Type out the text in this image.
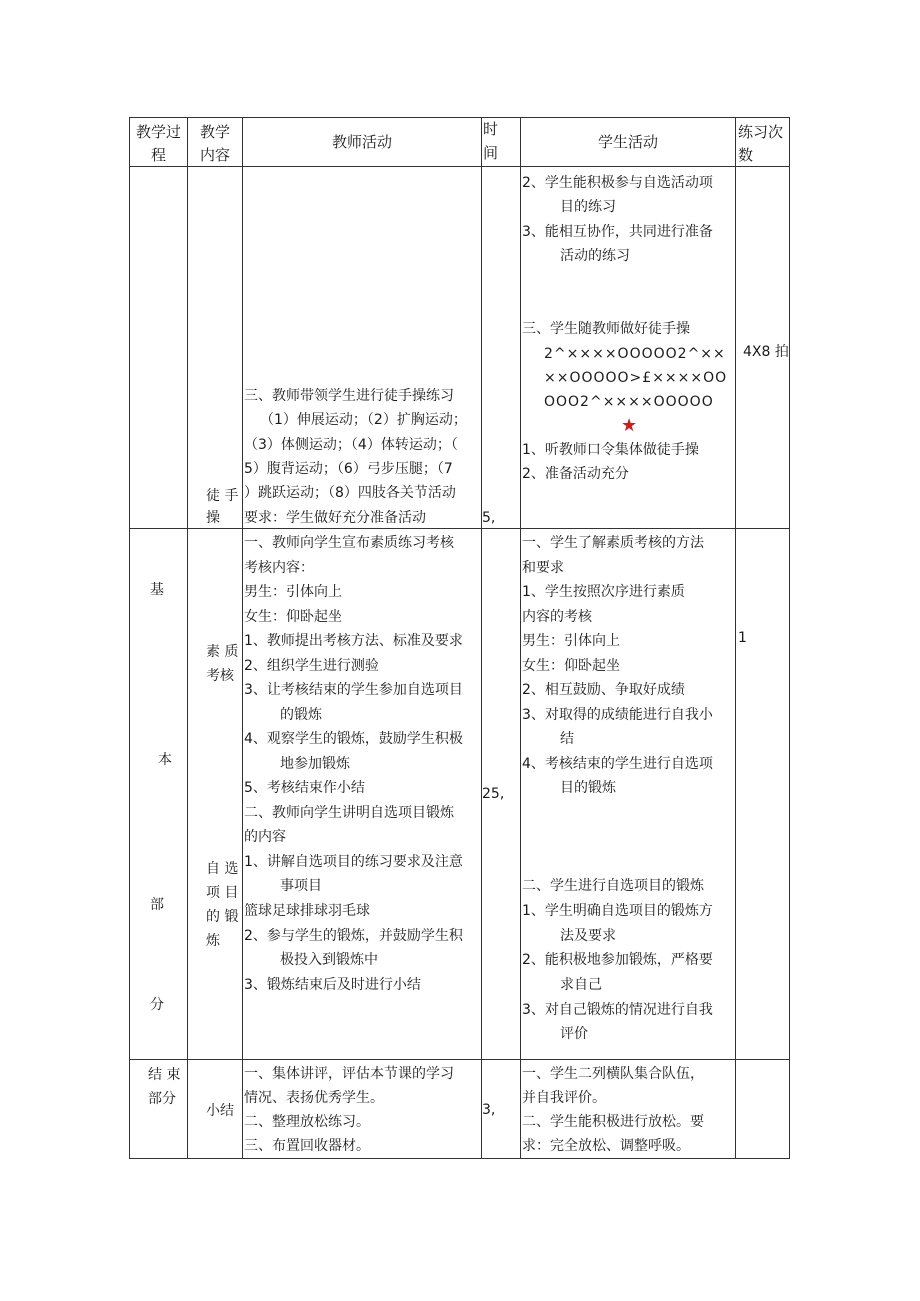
教学过
程
教学
内容
教师活动
时
间
学生活动
练习次
数
徒 手
操
三、教师带领学生进行徒手操练习
（1）伸展运动；（2）扩胸运动；
（3）体侧运动；（4）体转运动；（
5）腹背运动；（6）弓步压腿；（7
）跳跃运动；（8）四肢各关节活动
要求：学生做好充分准备活动	5,
2、学生能积极参与自选活动项
目的练习
3、能相互协作，共同进行准备
活动的练习
三、学生随教师做好徒手操
2^××××OOOOO2^××
××OOOOO>£××××OO
OOO2^××××OOOOO
★
1、听教师口令集体做徒手操
2、准备活动充分
4X8 拍
基
本
部
分
素 质
考核
自 选
项 目
的 锻
炼
一、教师向学生宣布素质练习考核
考核内容：
男生：引体向上
女生：仰卧起坐
1、教师提出考核方法、标准及要求
2、组织学生进行测验
3、让考核结束的学生参加自选项目
的锻炼
4、观察学生的锻炼，鼓励学生积极
地参加锻炼
5、考核结束作小结
二、教师向学生讲明自选项目锻炼
的内容
1、讲解自选项目的练习要求及注意
事项目
篮球足球排球羽毛球
2、参与学生的锻炼，并鼓励学生积
极投入到锻炼中
3、锻炼结束后及时进行小结
25,
一、学生了解素质考核的方法
和要求
1、学生按照次序进行素质
内容的考核
男生：引体向上
女生：仰卧起坐
2、相互鼓励、争取好成绩
3、对取得的成绩能进行自我小
结
4、考核结束的学生进行自选项
目的锻炼
二、学生进行自选项目的锻炼
1、学生明确自选项目的锻炼方
法及要求
2、能积极地参加锻炼，严格要
求自己
3、对自己锻炼的情况进行自我
评价
1
结 束
部分
小结
一、集体讲评，评估本节课的学习
情况、表扬优秀学生。
二、整理放松练习。
三、布置回收器材。
3,
一、学生二列横队集合队伍，
并自我评价。
二、学生能积极进行放松。要
求：完全放松、调整呼吸。
